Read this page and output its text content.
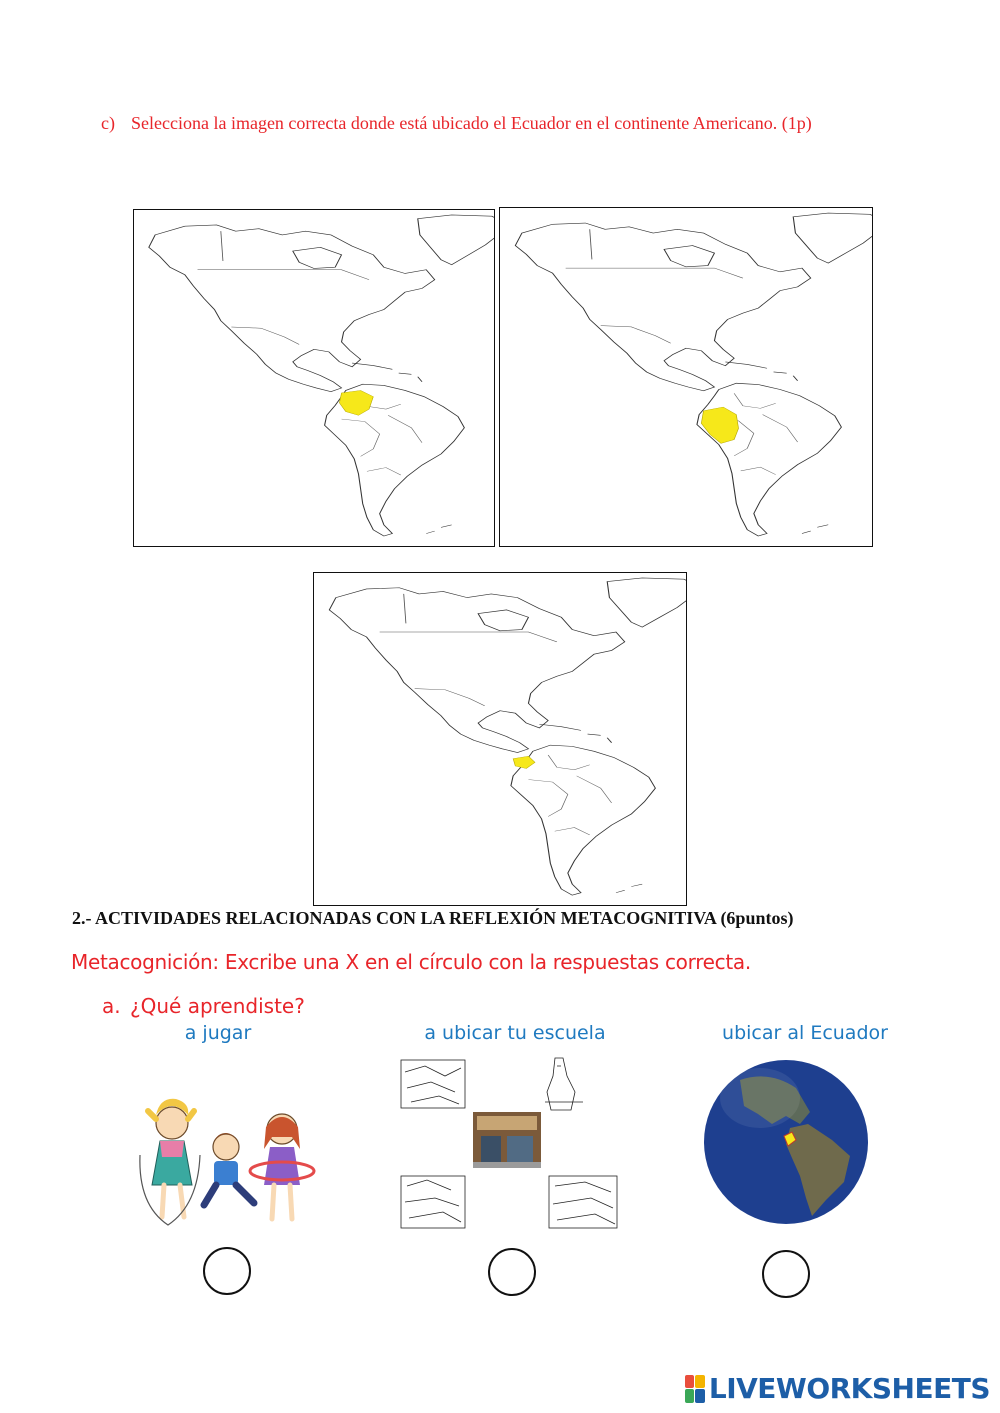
c) Selecciona la imagen correcta donde está ubicado el Ecuador en el continente Americano. (1p)
2.- ACTIVIDADES RELACIONADAS CON LA REFLEXIÓN METACOGNITIVA (6puntos)
Metacognición: Excribe una X en el círculo con la respuestas correcta.
a. ¿Qué aprendiste?
a jugar	a ubicar tu escuela	ubicar al Ecuador
LIVEWORKSHEETS
